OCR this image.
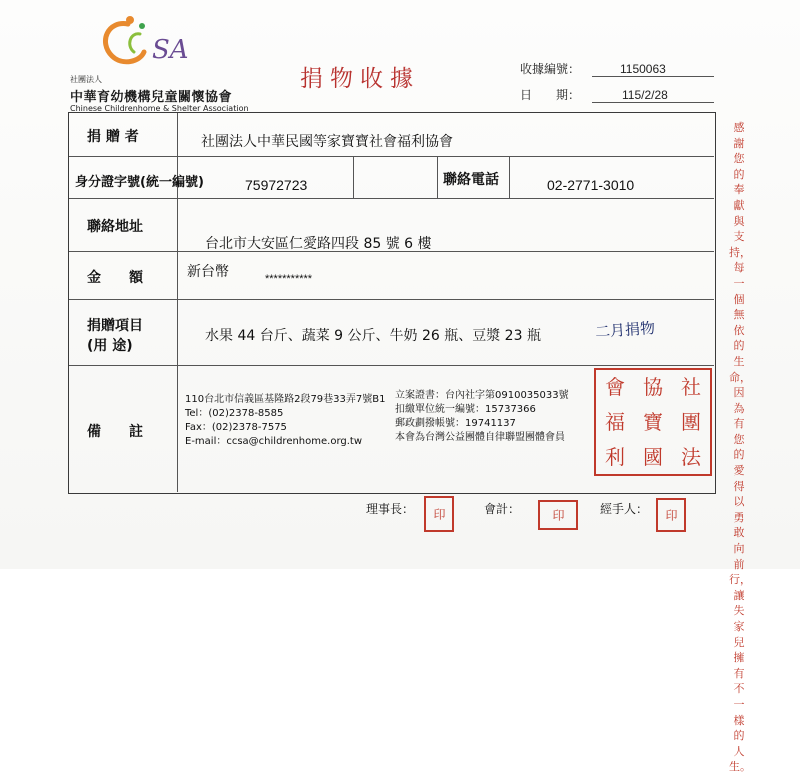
SA
社團法人
中華育幼機構兒童關懷協會
Chinese Childrenhome & Shelter Association
捐物收據	收據編號：	1150063
日　　期：	115/2/28
捐 贈 者	社團法人中華民國等家寶寶社會福利協會
身分證字號(統一編號)	75972723	聯絡電話	02-2771-3010
聯絡地址
台北市大安區仁愛路四段 85 號 6 樓
金　　額	新台幣	***********
捐贈項目
(用 途)
水果 44 台斤、蔬菜 9 公斤、牛奶 26 瓶、豆漿 23 瓶	二月捐物
備　　註
110台北市信義區基隆路2段79巷33弄7號B1
Tel：(02)2378-8585
Fax：(02)2378-7575
E-mail：ccsa@childrenhome.org.tw
立案證書：台內社字第0910035033號
扣繳單位統一編號：15737366
郵政劃撥帳號：19741137
本會為台灣公益團體自律聯盟團體會員
會 協 社
福 寶 團
利 國 法
感謝您的奉獻與支持，每一個無依的生命，因為有您的愛得以勇敢向前行，讓失家兒擁有不一樣的人生。
理事長：	印	會計：	印	經手人：	印
